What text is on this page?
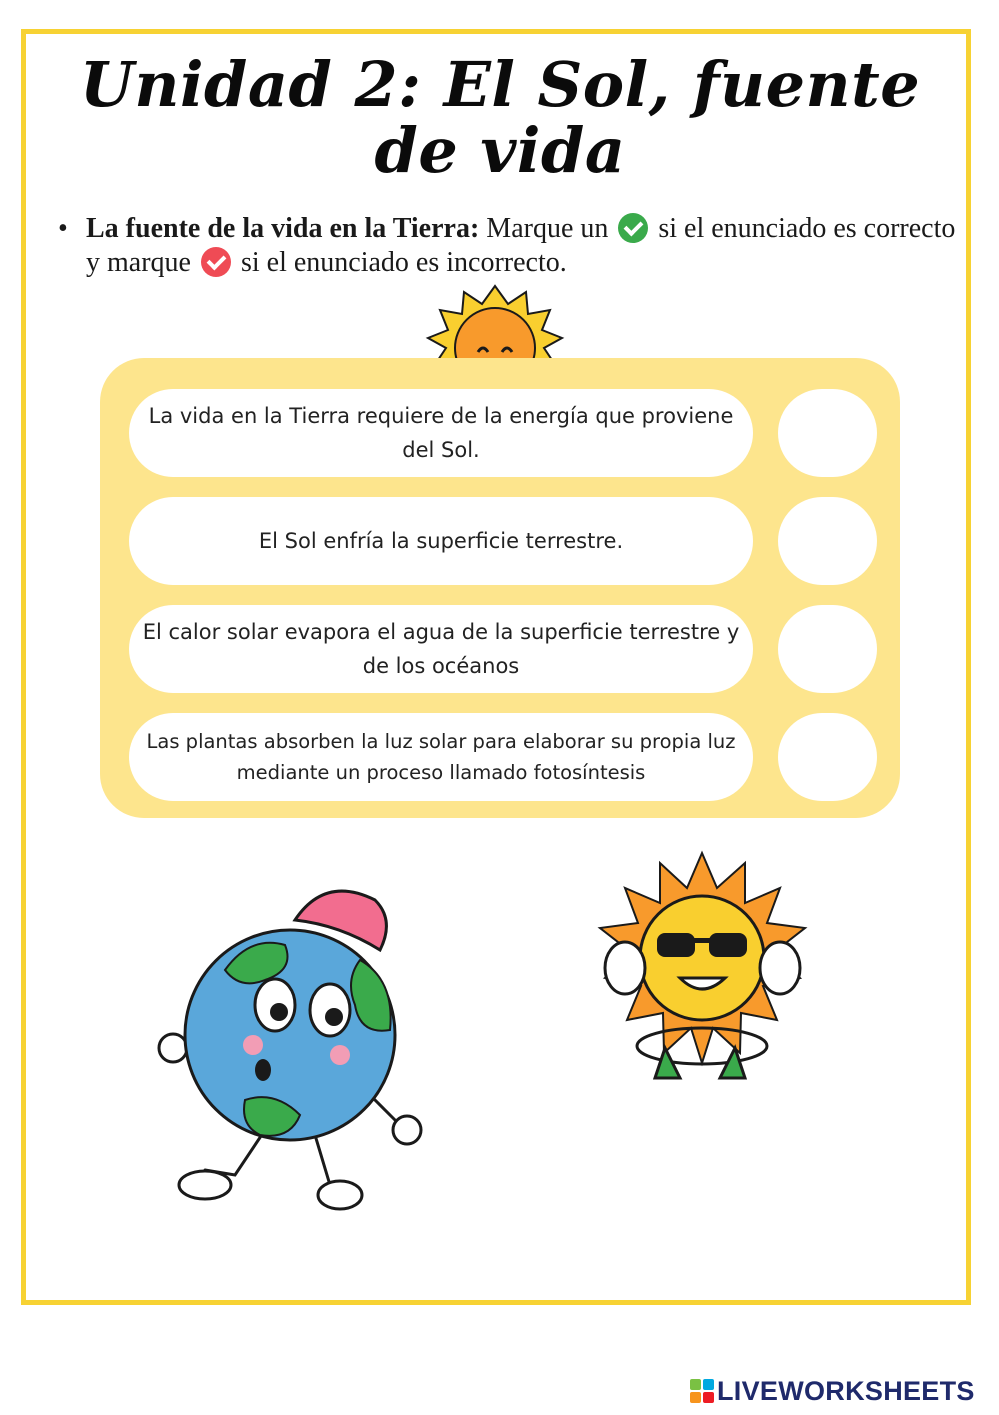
Unidad 2: El Sol, fuente de vida
• La fuente de la vida en la Tierra: Marque un  si el enunciado es correcto y marque  si el enunciado es incorrecto.
La vida en la Tierra requiere de la energía que proviene del Sol.
El Sol enfría la superficie terrestre.
El calor solar evapora el agua de la superficie terrestre y de los océanos
Las plantas absorben la luz solar para elaborar su propia luz mediante un proceso llamado fotosíntesis
LIVEWORKSHEETS
